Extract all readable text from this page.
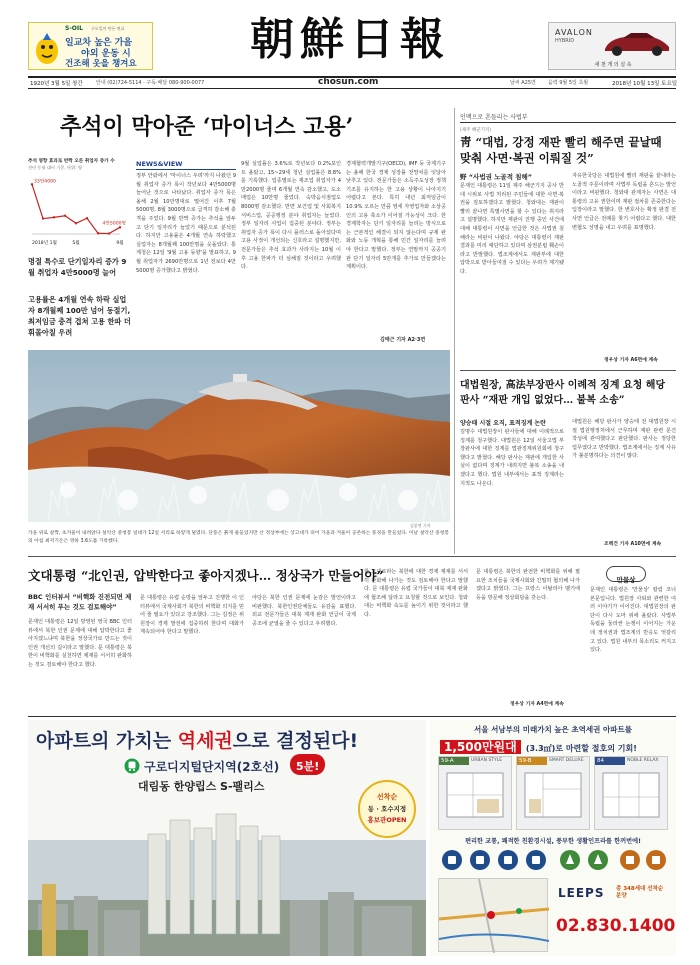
S-OIL 구도일이 만든 연료
일교차 높은 가을
야외 운동 시
건조해 옷을 챙겨요	朝鮮日報	AVALON
HYBRID
새 천 개 의 실 속
1920년 3월 5일 창간	안내 (02)724-5114 · 구독·배달 080-900-0077	chosun.com	날씨 A25면 음력 9월 5일 초월	2018년 10월 13일 토요일
추석이 막아준 ‘마이너스 고용’
추석 영향 효과로 반짝 오른 취업자 증가 수
전년 동월 대비 기준, 단위: 명
33만4000
4만5000명
2018년 1월	5월	9월
명절 특수로 단기일자리 증가 9월 취업자 4만5000명 늘어
고용률은 4개월 연속 하락 실업자 8개월째 100만 넘어 동절기, 최저임금 충격 겹쳐 고용 한파 더 휘몰아칠 우려
NEWS&VIEW
정부 안팎에서 '마이너스 우려'까지 나왔던 9월 취업자 증가 폭이 작년보다 4만5000명 늘어난 것으로 나타났다. 취업자 증가 폭은 올해 2월 10만명대로 떨어진 이후 7월 5000명, 8월 3000명으로 급격히 감소해 충격을 주었다. 9월 반짝 증가는 추석을 앞두고 단기 일자리가 늘었기 때문으로 분석된다. 하지만 고용률은 4개월 연속 하락했고 실업자는 8개월째 100만명을 웃돌았다. 통계청은 12일 '9월 고용 동향'을 발표하고, 9월 취업자가 2690만명으로 1년 전보다 4만5000명 증가했다고 밝혔다.
9월 실업률은 3.6%로 작년보다 0.2%포인트 올랐고, 15~29세 청년 실업률은 8.8%를 기록했다. 업종별로는 제조업 취업자가 4만2000명 줄며 6개월 연속 감소했고, 도소매업은 10만명 줄었다. 숙박음식점업도 8000명 감소했다. 반면 보건업 및 사회복지서비스업, 공공행정 분야 취업자는 늘었다. 정부 일자리 사업이 집중된 분야다. 정부는 취업자 증가 폭이 다시 플러스로 돌아섰다며 고용 사정이 개선되는 신호라고 설명했지만, 전문가들은 추석 효과가 사라지는 10월 이후 고용 한파가 더 심해질 것이라고 우려했다.
경제협력개발기구(OECD), IMF 등 국제기구는 올해 한국 경제 성장률 전망치를 잇달아 낮추고 있다. 전문가들은 소득주도성장 정책 기조를 유지하는 한 고용 상황이 나아지기 어렵다고 본다. 특히 내년 최저임금이 10.9% 오르는 만큼 영세 자영업자와 소상공인의 고용 축소가 이어질 가능성이 크다. 한 경제학자는 단기 일자리를 늘리는 방식으로는 근본적인 해결이 되지 않는다며 규제 완화와 노동 개혁을 통해 민간 일자리를 늘려야 한다고 말했다. 정부는 연말까지 공공기관 단기 일자리 5만개를 추가로 만들겠다는 계획이다.
김태근 기자 A2·3면
김종연 기자
가을 위로 살짝, 초겨울이 내려앉다 설악산 중청봉 일대가 12일 서리로 하얗게 덮였다. 단풍은 붉게 물들었지만 산 정상부에는 상고대가 피어 가을과 겨울이 공존하는 풍경을 만들었다. 이날 설악산 중청봉의 아침 최저기온은 영하 3.6도를 기록했다.
인맥으로 흔들리는 사법부
(제주 해군기지)
靑 “대법, 강정 재판 빨리 해주면 끝날때 맞춰 사면·복권 이뤄질 것”
野 “사법권 노골적 침해”
문재인 대통령은 11일 제주 해군기지 공사 반대 시위로 사법 처리된 주민들에 대한 사면·복권을 검토하겠다고 밝혔다. 청와대는 재판이 빨리 끝나면 특별사면을 할 수 있다는 취지라고 설명했다. 하지만 재판이 진행 중인 사건에 대해 대통령이 사면을 언급한 것은 사법권 침해라는 비판이 나왔다. 야당은 대통령이 재판 결과를 미리 예단하고 있다며 삼권분립 훼손이라고 반발했다. 법조계에서도 재판부에 대한 압박으로 받아들여질 수 있다는 우려가 제기됐다.
자유한국당은 대법원에 빨리 재판을 끝내라는 노골적 주문이라며 사법부 독립을 흔드는 발언이라고 비판했다. 청와대 관계자는 사면은 대통령의 고유 권한이며 재판 절차를 존중한다는 입장이라고 말했다. 한 변호사는 확정 판결 전 사면 언급은 전례를 찾기 어렵다고 했다. 대한변협도 성명을 내고 우려를 표명했다.
정우상 기자 A6면에 계속
대법원장, 高法부장판사 이례적 징계 요청 해당 판사 “재판 개입 없었다… 불복 소송”
양승태 시절 요직, 표적징계 논란
김명수 대법원장이 판사들에 대해 이례적으로 징계를 청구했다. 대법원은 12일 서울고법 부장판사에 대한 징계를 법관징계위원회에 청구했다고 밝혔다. 해당 판사는 재판에 개입한 사실이 없다며 징계가 내려지면 불복 소송을 내겠다고 했다. 법원 내부에서는 표적 징계라는 지적도 나온다.
대법원은 해당 판사가 양승태 전 대법원장 시절 법원행정처에서 근무하며 재판 관련 문건 작성에 관여했다고 판단했다. 판사는 정당한 업무였다고 반박했다. 법조계에서는 징계 사유가 불분명하다는 의견이 많다.
조백건 기자 A10면에 계속
文대통령 “北인권, 압박한다고 좋아지겠나… 정상국가 만들어야”
BBC 인터뷰서 “비핵화 진전되면 제재 서서히 푸는 것도 검토해야”
문재인 대통령은 12일 방영된 영국 BBC 인터뷰에서 북한 인권 문제에 대해 압박한다고 좋아지겠느냐며 북한을 정상국가로 만드는 것이 인권 개선의 길이라고 말했다. 문 대통령은 북한이 비핵화를 실천하면 제재를 서서히 완화하는 것도 검토해야 한다고 했다.
문 대통령은 유럽 순방을 앞두고 진행한 이 인터뷰에서 국제사회가 북한의 비핵화 의지를 믿어 줄 필요가 있다고 강조했다. 그는 김정은 위원장이 경제 발전에 집중하려 한다며 대화가 계속되어야 한다고 말했다.
야당은 북한 인권 문제에 눈감은 발언이라고 비판했다. 북한인권단체들도 유감을 표했다. 외교 전문가들은 대북 제재 완화 언급이 국제 공조에 균열을 줄 수 있다고 우려했다.
한 그대로라는 북한에 대한 경제 제재를 서서히 완화해 나가는 것도 검토해야 한다고 말했다. 문 대통령은 유럽 국가들이 대북 제재 완화에 협조해 달라고 요청할 것으로 보인다. 청와대는 비핵화 속도를 높이기 위한 것이라고 했다.
문 대통령은 북한의 완전한 비핵화를 위해 필요한 조치들을 국제사회와 긴밀히 협의해 나가겠다고 밝혔다. 그는 프랑스 이탈리아 벨기에 등을 방문해 정상회담을 갖는다.
정우상 기자 A4면에 계속
만물상
문재인 대통령은 '만물상' 칼럼 코너 본문입니다. 법원장 사퇴와 관련한 여러 이야기가 이어진다. 대법원장의 판단이 다시 도마 위에 올랐다. 사법부 독립을 둘러싼 논쟁이 이어지는 가운데 정치권과 법조계의 반응도 엇갈리고 있다. 법원 내부의 목소리도 커지고 있다.
아파트의 가치는 역세권으로 결정된다!
구로디지털단지역(2호선)	5분!
대림동 한양립스 S-팰리스
선착순
동 · 호수지정
홍보관OPEN
서울 서남부의 미래가치 높은 초역세권 아파트를
1,500만원대 (3.3㎡)로 마련할 절호의 기회!
59-A	URBAN STYLE	59-B	SMART DELUXE	84	NOBLE RELAX
편리한 교통, 쾌적한 친환경시설, 풍부한 생활인프라를 한꺼번에!
LEEPS 총 348세대 선착순 분양
02.830.1400
